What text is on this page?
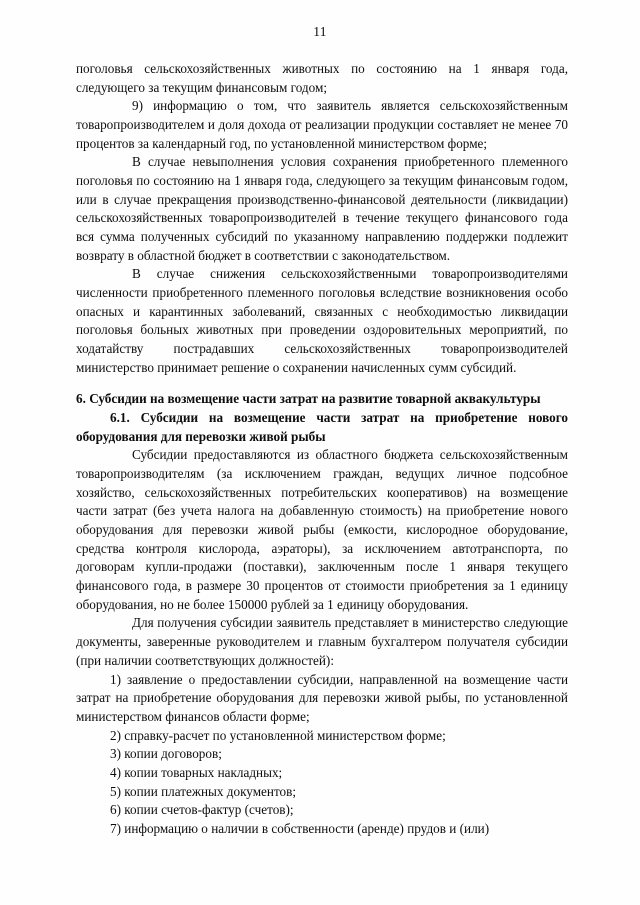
11

поголовья сельскохозяйственных животных по состоянию на 1 января года, следующего за текущим финансовым годом;

9) информацию о том, что заявитель является сельскохозяйственным товаропроизводителем и доля дохода от реализации продукции составляет не менее 70 процентов за календарный год, по установленной министерством форме;

В случае невыполнения условия сохранения приобретенного племенного поголовья по состоянию на 1 января года, следующего за текущим финансовым годом, или в случае прекращения производственно-финансовой деятельности (ликвидации) сельскохозяйственных товаропроизводителей в течение текущего финансового года вся сумма полученных субсидий по указанному направлению поддержки подлежит возврату в областной бюджет в соответствии с законодательством.

В случае снижения сельскохозяйственными товаропроизводителями численности приобретенного племенного поголовья вследствие возникновения особо опасных и карантинных заболеваний, связанных с необходимостью ликвидации поголовья больных животных при проведении оздоровительных мероприятий, по ходатайству пострадавших сельскохозяйственных товаропроизводителей министерство принимает решение о сохранении начисленных сумм субсидий.

6. Субсидии на возмещение части затрат на развитие товарной аквакультуры
6.1. Субсидии на возмещение части затрат на приобретение нового оборудования для перевозки живой рыбы

Субсидии предоставляются из областного бюджета сельскохозяйственным товаропроизводителям (за исключением граждан, ведущих личное подсобное хозяйство, сельскохозяйственных потребительских кооперативов) на возмещение части затрат (без учета налога на добавленную стоимость) на приобретение нового оборудования для перевозки живой рыбы (емкости, кислородное оборудование, средства контроля кислорода, аэраторы), за исключением автотранспорта, по договорам купли-продажи (поставки), заключенным после 1 января текущего финансового года, в размере 30 процентов от стоимости приобретения за 1 единицу оборудования, но не более 150000 рублей за 1 единицу оборудования.

Для получения субсидии заявитель представляет в министерство следующие документы, заверенные руководителем и главным бухгалтером получателя субсидии (при наличии соответствующих должностей):

1) заявление о предоставлении субсидии, направленной на возмещение части затрат на приобретение оборудования для перевозки живой рыбы, по установленной министерством финансов области форме;

2) справку-расчет по установленной министерством форме;

3) копии договоров;

4) копии товарных накладных;

5) копии платежных документов;

6) копии счетов-фактур (счетов);

7) информацию о наличии в собственности (аренде) прудов и (или)
